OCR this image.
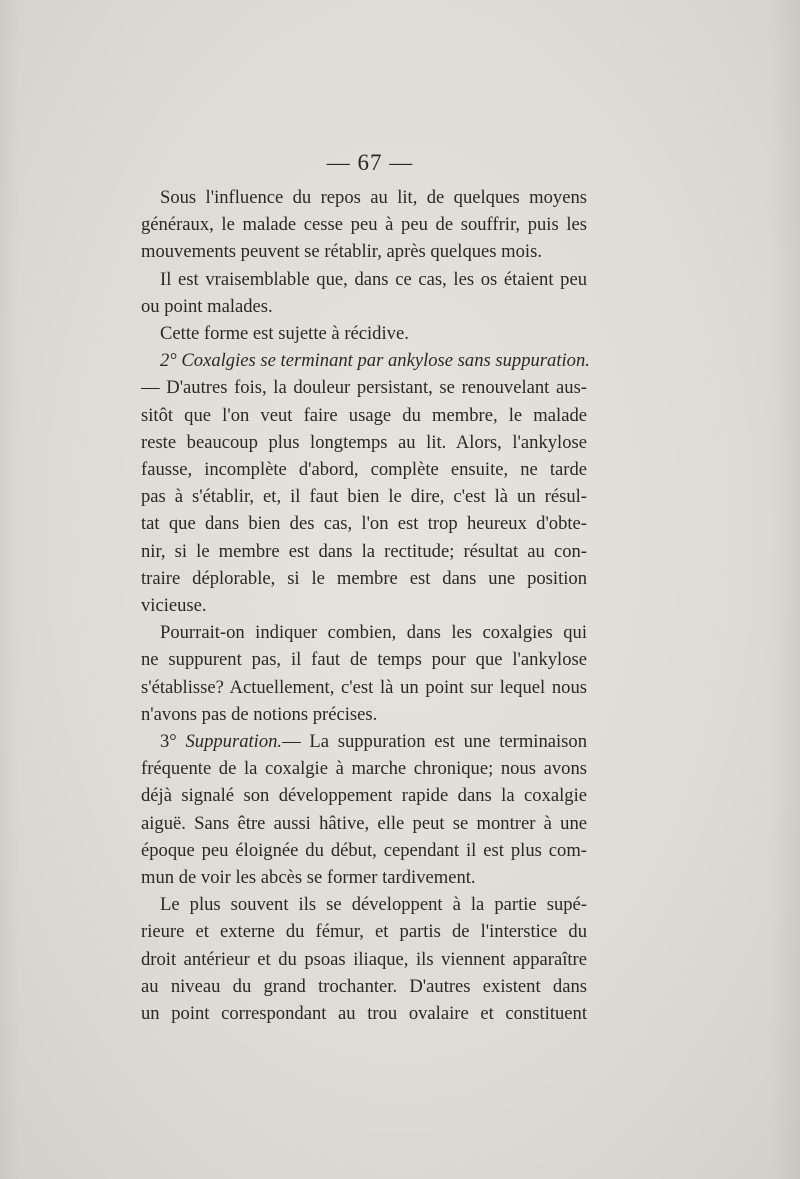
— 67 —
Sous l'influence du repos au lit, de quelques moyens
généraux, le malade cesse peu à peu de souffrir, puis les
mouvements peuvent se rétablir, après quelques mois.
Il est vraisemblable que, dans ce cas, les os étaient peu
ou point malades.
Cette forme est sujette à récidive.
2° Coxalgies se terminant par ankylose sans suppuration.
— D'autres fois, la douleur persistant, se renouvelant aus-
sitôt que l'on veut faire usage du membre, le malade
reste beaucoup plus longtemps au lit. Alors, l'ankylose
fausse, incomplète d'abord, complète ensuite, ne tarde
pas à s'établir, et, il faut bien le dire, c'est là un résul-
tat que dans bien des cas, l'on est trop heureux d'obte-
nir, si le membre est dans la rectitude; résultat au con-
traire déplorable, si le membre est dans une position
vicieuse.
Pourrait-on indiquer combien, dans les coxalgies qui
ne suppurent pas, il faut de temps pour que l'ankylose
s'établisse? Actuellement, c'est là un point sur lequel nous
n'avons pas de notions précises.
3° Suppuration.— La suppuration est une terminaison
fréquente de la coxalgie à marche chronique; nous avons
déjà signalé son développement rapide dans la coxalgie
aiguë. Sans être aussi hâtive, elle peut se montrer à une
époque peu éloignée du début, cependant il est plus com-
mun de voir les abcès se former tardivement.
Le plus souvent ils se développent à la partie supé-
rieure et externe du fémur, et partis de l'interstice du
droit antérieur et du psoas iliaque, ils viennent apparaître
au niveau du grand trochanter. D'autres existent dans
un point correspondant au trou ovalaire et constituent
